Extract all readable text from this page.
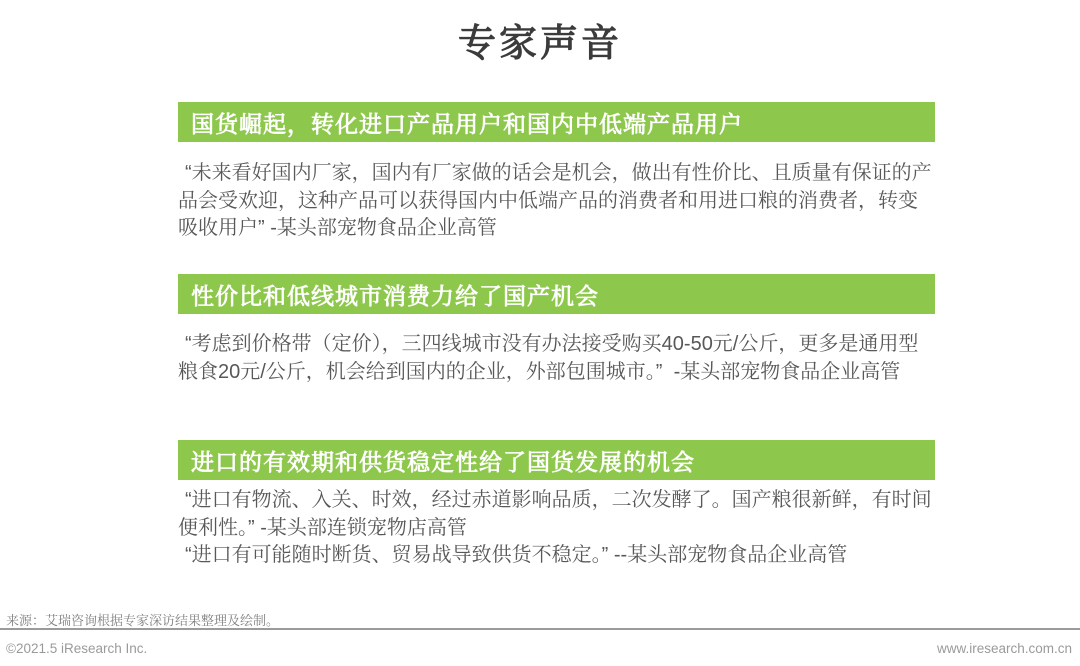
专家声音
国货崛起，转化进口产品用户和国内中低端产品用户

“未来看好国内厂家，国内有厂家做的话会是机会，做出有性价比、且质量有保证的产品会受欢迎，这种产品可以获得国内中低端产品的消费者和用进口粮的消费者，转变吸收用户” -某头部宠物食品企业高管

性价比和低线城市消费力给了国产机会

“考虑到价格带（定价），三四线城市没有办法接受购买40-50元/公斤，更多是通用型粮食20元/公斤，机会给到国内的企业，外部包围城市。”  -某头部宠物食品企业高管

进口的有效期和供货稳定性给了国货发展的机会

“进口有物流、入关、时效，经过赤道影响品质，二次发酵了。国产粮很新鲜，有时间便利性。” -某头部连锁宠物店高管

“进口有可能随时断货、贸易战导致供货不稳定。” --某头部宠物食品企业高管

来源：艾瑞咨询根据专家深访结果整理及绘制。
©2021.5 iResearch Inc.	www.iresearch.com.cn
